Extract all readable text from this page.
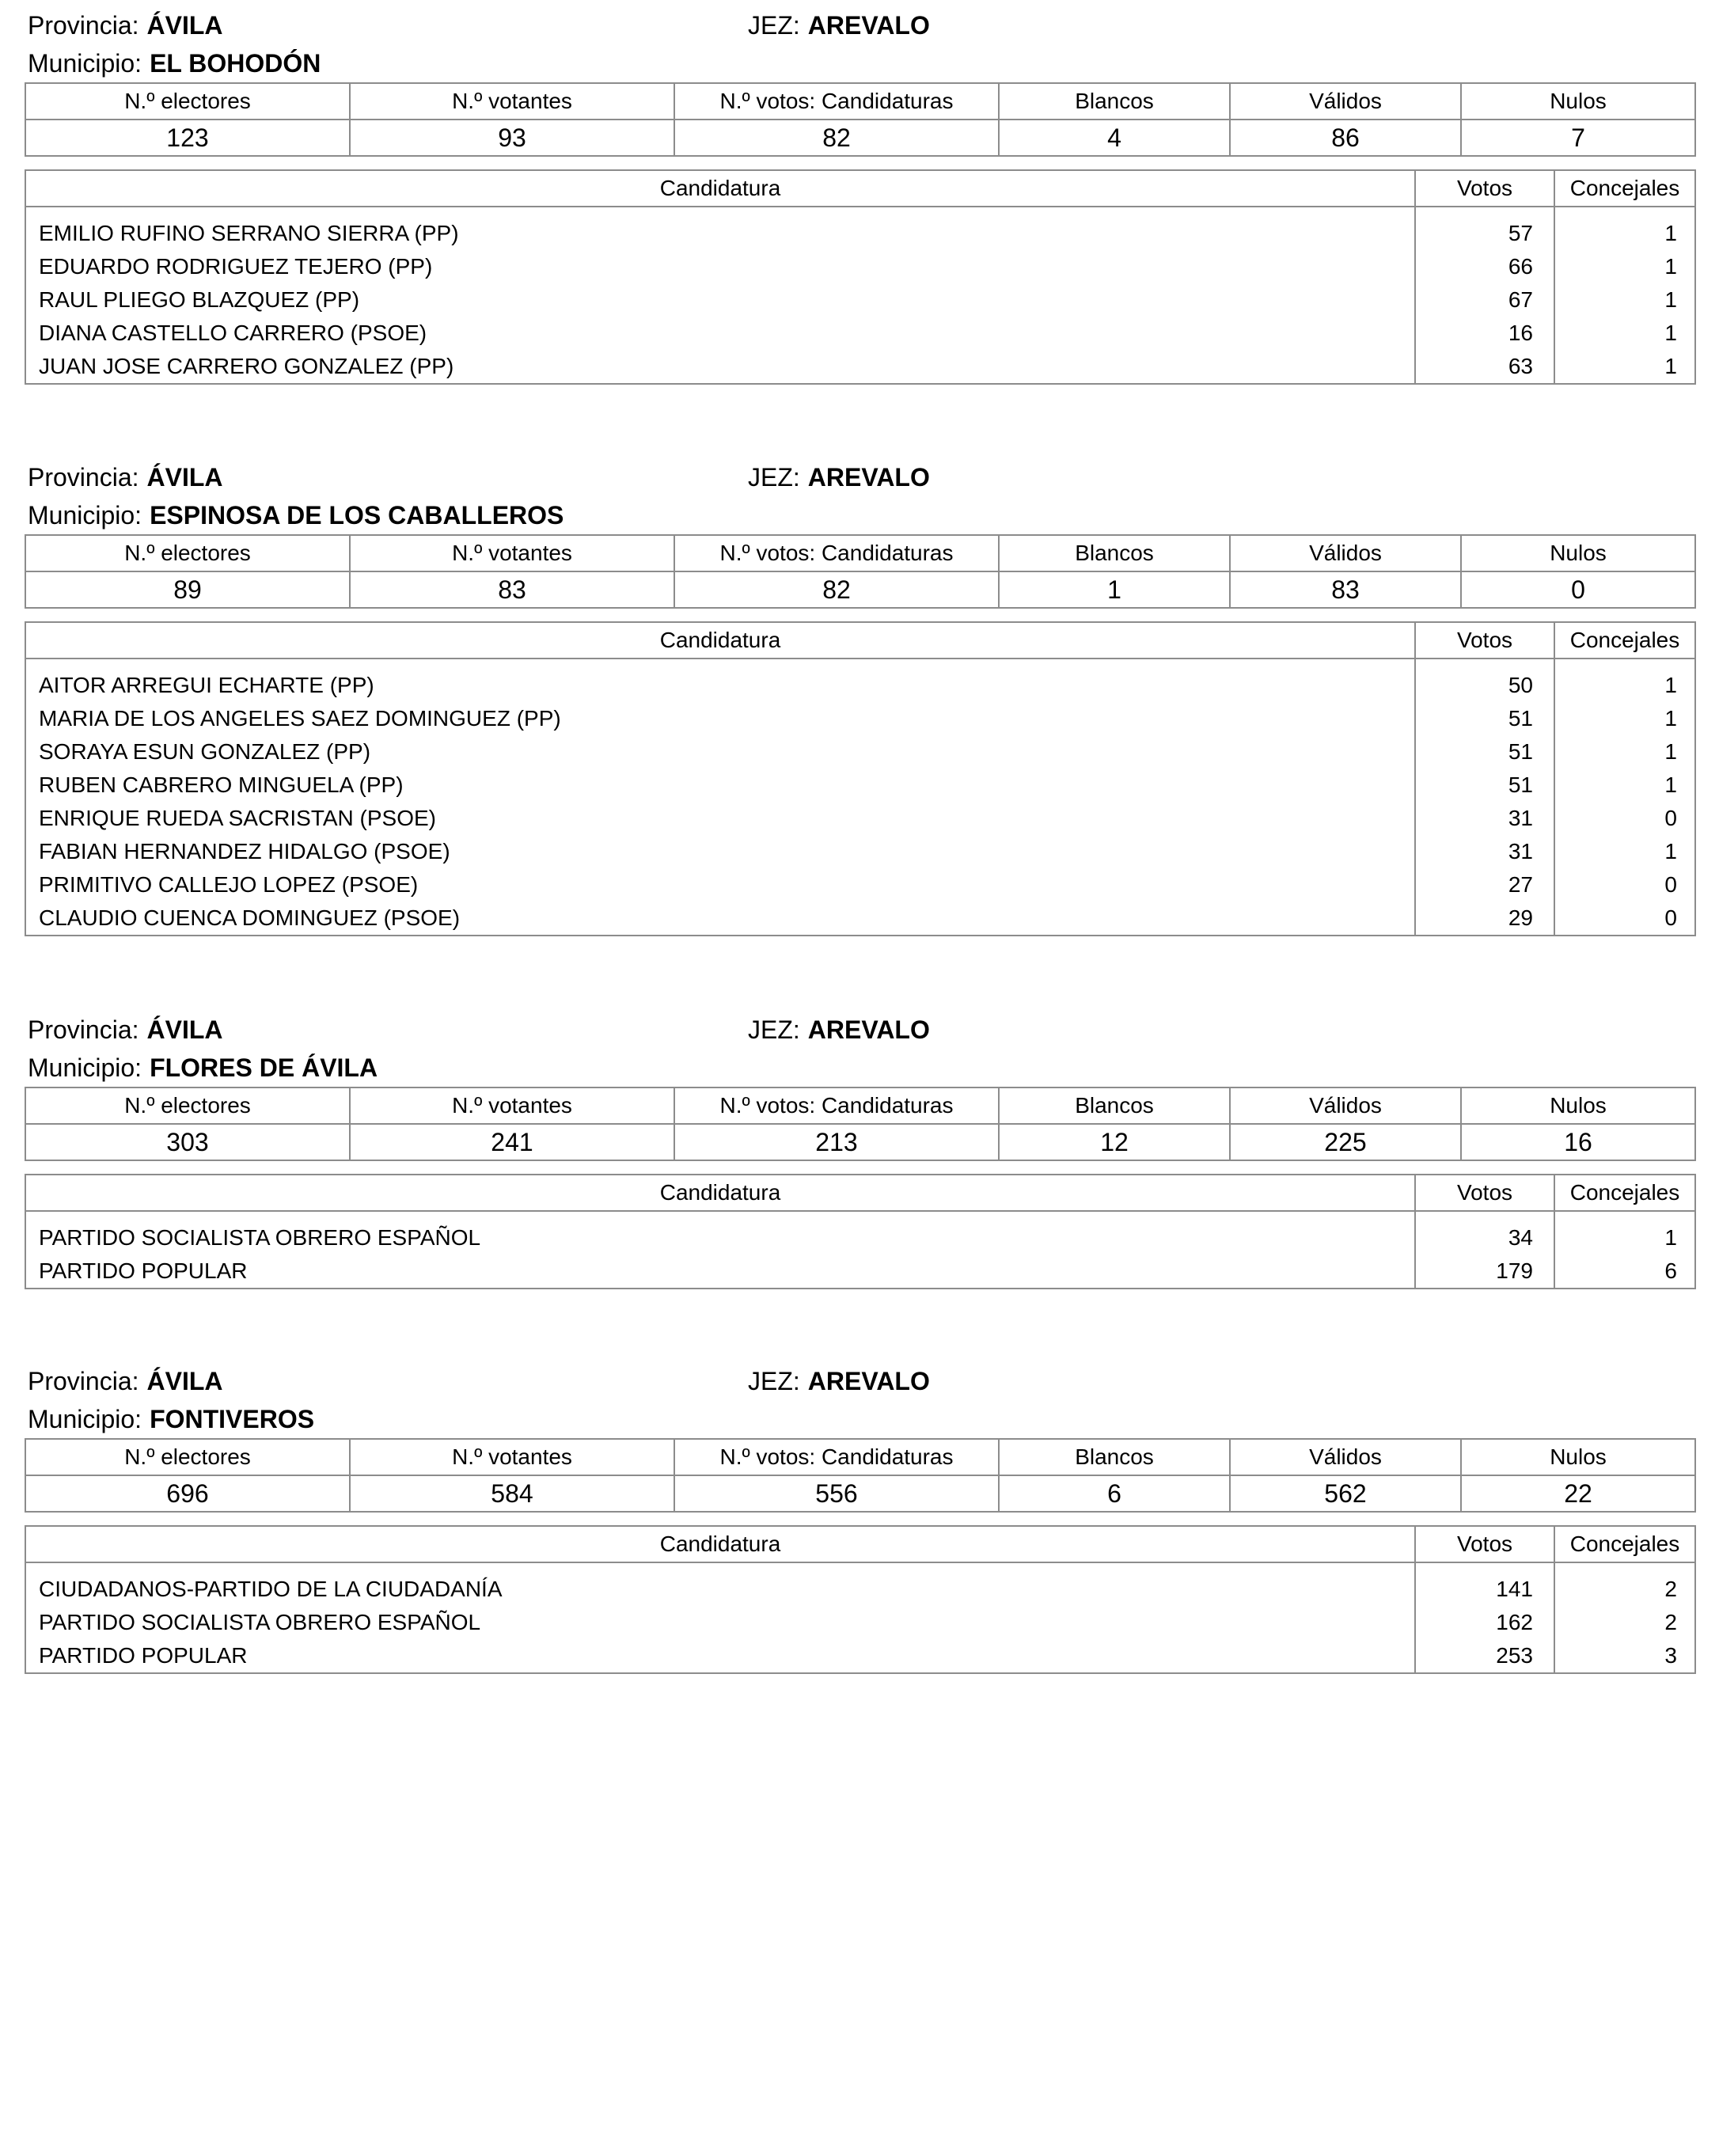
Provincia: ÁVILA	JEZ: AREVALO
Municipio: EL BOHODÓN
N.º electores	N.º votantes	N.º votos: Candidaturas	Blancos	Válidos	Nulos
123	93	82	4	86	7
Candidatura	Votos	Concejales
EMILIO RUFINO SERRANO SIERRA (PP)	57	1
EDUARDO RODRIGUEZ TEJERO (PP)	66	1
RAUL PLIEGO BLAZQUEZ (PP)	67	1
DIANA CASTELLO CARRERO (PSOE)	16	1
JUAN JOSE CARRERO GONZALEZ (PP)	63	1
Provincia: ÁVILA	JEZ: AREVALO
Municipio: ESPINOSA DE LOS CABALLEROS
N.º electores	N.º votantes	N.º votos: Candidaturas	Blancos	Válidos	Nulos
89	83	82	1	83	0
Candidatura	Votos	Concejales
AITOR ARREGUI ECHARTE (PP)	50	1
MARIA DE LOS ANGELES SAEZ DOMINGUEZ (PP)	51	1
SORAYA ESUN GONZALEZ (PP)	51	1
RUBEN CABRERO MINGUELA (PP)	51	1
ENRIQUE RUEDA SACRISTAN (PSOE)	31	0
FABIAN HERNANDEZ HIDALGO (PSOE)	31	1
PRIMITIVO CALLEJO LOPEZ (PSOE)	27	0
CLAUDIO CUENCA DOMINGUEZ (PSOE)	29	0
Provincia: ÁVILA	JEZ: AREVALO
Municipio: FLORES DE ÁVILA
N.º electores	N.º votantes	N.º votos: Candidaturas	Blancos	Válidos	Nulos
303	241	213	12	225	16
Candidatura	Votos	Concejales
PARTIDO SOCIALISTA OBRERO ESPAÑOL	34	1
PARTIDO POPULAR	179	6
Provincia: ÁVILA	JEZ: AREVALO
Municipio: FONTIVEROS
N.º electores	N.º votantes	N.º votos: Candidaturas	Blancos	Válidos	Nulos
696	584	556	6	562	22
Candidatura	Votos	Concejales
CIUDADANOS-PARTIDO DE LA CIUDADANÍA	141	2
PARTIDO SOCIALISTA OBRERO ESPAÑOL	162	2
PARTIDO POPULAR	253	3
